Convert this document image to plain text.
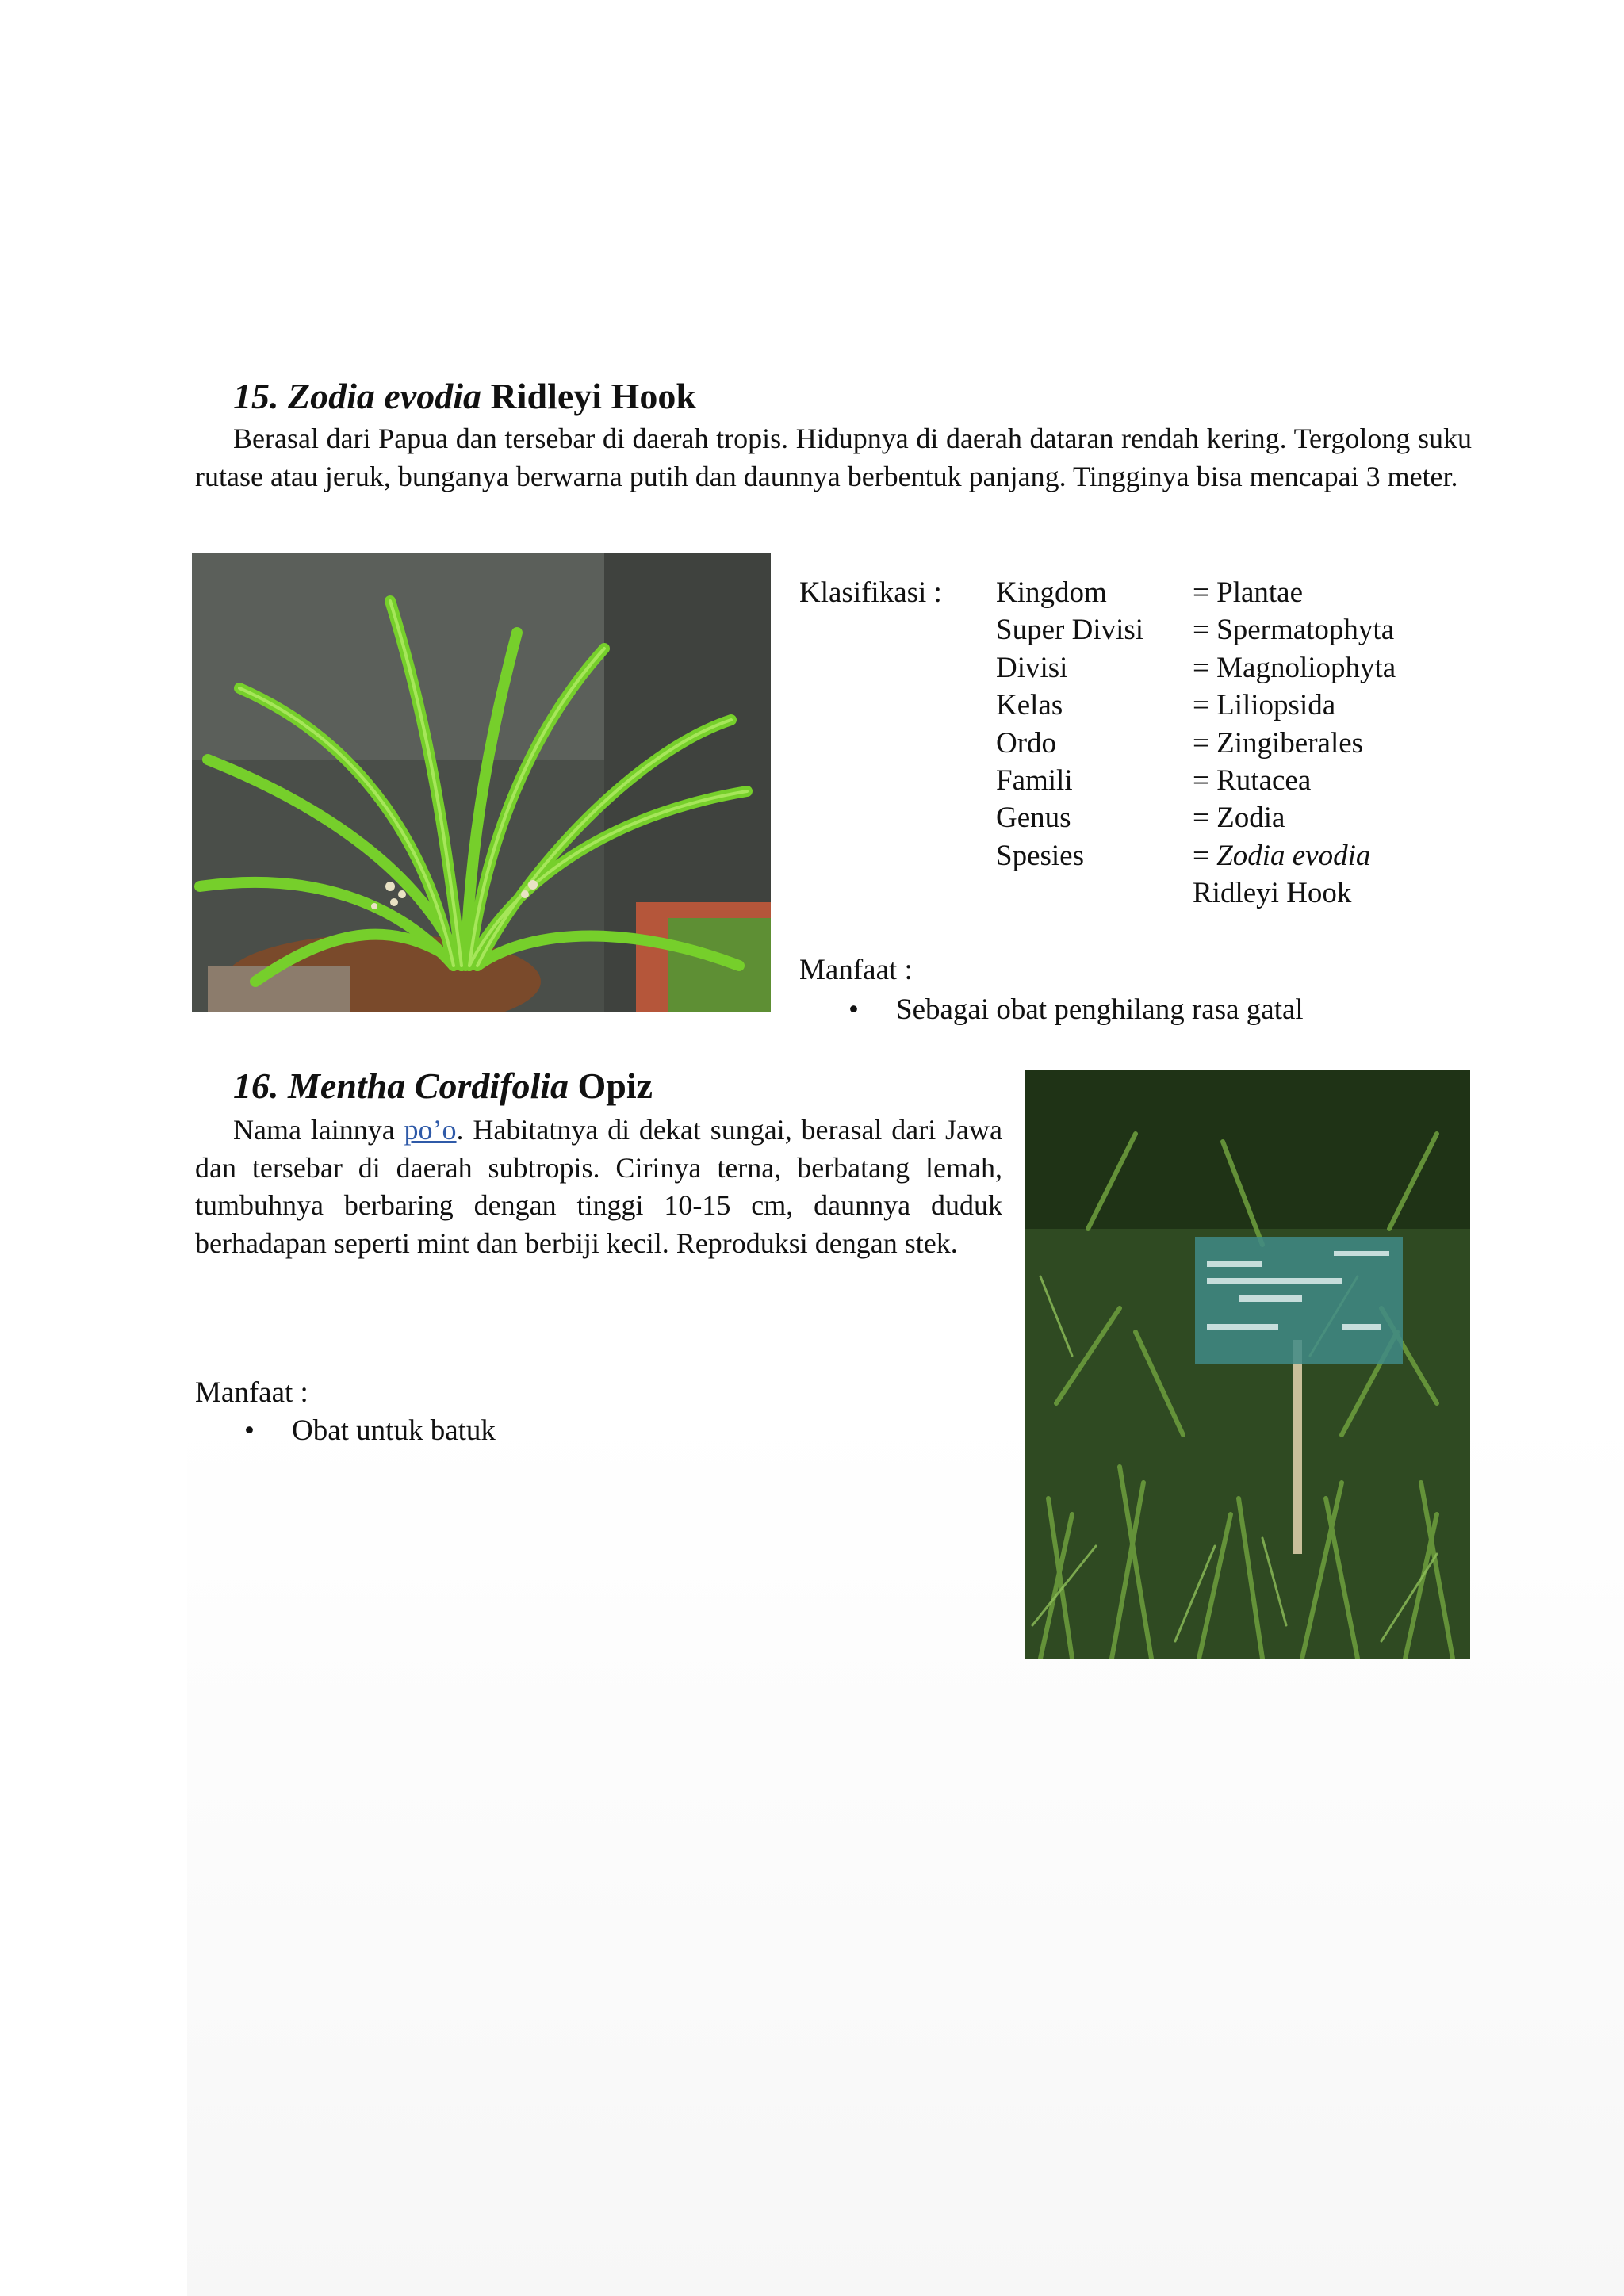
15. Zodia evodia Ridleyi Hook

Berasal dari Papua dan tersebar di daerah tropis. Hidupnya di daerah dataran rendah kering. Tergolong suku rutase atau jeruk, bunganya berwarna putih dan daunnya berbentuk panjang. Tingginya bisa mencapai 3 meter.

Klasifikasi : Kingdom	= Plantae
Super Divisi = Spermatophyta
Divisi	= Magnoliophyta
Kelas	= Liliopsida
Ordo	= Zingiberales
Famili	= Rutacea
Genus	= Zodia
Spesies	= Zodia evodia
Ridleyi Hook
Manfaat :
• Sebagai obat penghilang rasa gatal
16. Mentha Cordifolia Opiz

Nama lainnya po’o. Habitatnya di dekat sungai, berasal dari Jawa dan tersebar di daerah subtropis. Cirinya terna, berbatang lemah, tumbuhnya berbaring dengan tinggi 10-15 cm, daunnya duduk berhadapan seperti mint dan berbiji kecil. Reproduksi dengan stek.

Manfaat :
• Obat untuk batuk
